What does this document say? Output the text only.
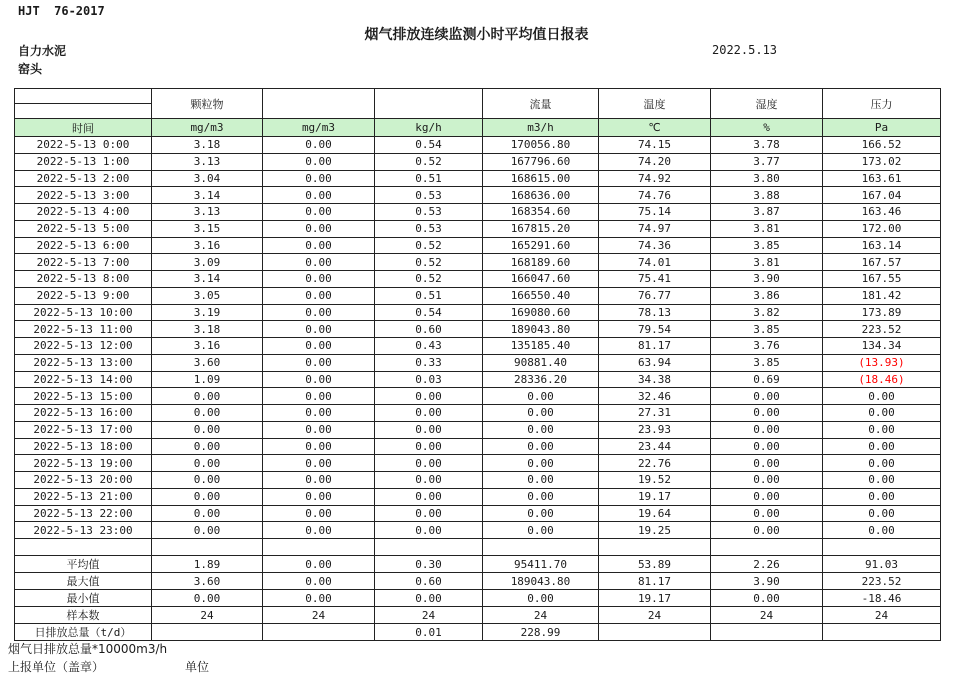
HJT  76-2017
烟气排放连续监测小时平均值日报表
2022.5.13
自力水泥
窑头
	颗粒物			流量	温度	湿度	压力

时间	mg/m3	mg/m3	kg/h	m3/h	℃	%	Pa
2022-5-13 0:00	3.18	0.00	0.54	170056.80	74.15	3.78	166.52
2022-5-13 1:00	3.13	0.00	0.52	167796.60	74.20	3.77	173.02
2022-5-13 2:00	3.04	0.00	0.51	168615.00	74.92	3.80	163.61
2022-5-13 3:00	3.14	0.00	0.53	168636.00	74.76	3.88	167.04
2022-5-13 4:00	3.13	0.00	0.53	168354.60	75.14	3.87	163.46
2022-5-13 5:00	3.15	0.00	0.53	167815.20	74.97	3.81	172.00
2022-5-13 6:00	3.16	0.00	0.52	165291.60	74.36	3.85	163.14
2022-5-13 7:00	3.09	0.00	0.52	168189.60	74.01	3.81	167.57
2022-5-13 8:00	3.14	0.00	0.52	166047.60	75.41	3.90	167.55
2022-5-13 9:00	3.05	0.00	0.51	166550.40	76.77	3.86	181.42
2022-5-13 10:00	3.19	0.00	0.54	169080.60	78.13	3.82	173.89
2022-5-13 11:00	3.18	0.00	0.60	189043.80	79.54	3.85	223.52
2022-5-13 12:00	3.16	0.00	0.43	135185.40	81.17	3.76	134.34
2022-5-13 13:00	3.60	0.00	0.33	90881.40	63.94	3.85	(13.93)
2022-5-13 14:00	1.09	0.00	0.03	28336.20	34.38	0.69	(18.46)
2022-5-13 15:00	0.00	0.00	0.00	0.00	32.46	0.00	0.00
2022-5-13 16:00	0.00	0.00	0.00	0.00	27.31	0.00	0.00
2022-5-13 17:00	0.00	0.00	0.00	0.00	23.93	0.00	0.00
2022-5-13 18:00	0.00	0.00	0.00	0.00	23.44	0.00	0.00
2022-5-13 19:00	0.00	0.00	0.00	0.00	22.76	0.00	0.00
2022-5-13 20:00	0.00	0.00	0.00	0.00	19.52	0.00	0.00
2022-5-13 21:00	0.00	0.00	0.00	0.00	19.17	0.00	0.00
2022-5-13 22:00	0.00	0.00	0.00	0.00	19.64	0.00	0.00
2022-5-13 23:00	0.00	0.00	0.00	0.00	19.25	0.00	0.00

平均值	1.89	0.00	0.30	95411.70	53.89	2.26	91.03
最大值	3.60	0.00	0.60	189043.80	81.17	3.90	223.52
最小值	0.00	0.00	0.00	0.00	19.17	0.00	-18.46
样本数	24	24	24	24	24	24	24
日排放总量（t/d）			0.01	228.99			
烟气日排放总量*10000m3/h
上报单位（盖章）	单位
